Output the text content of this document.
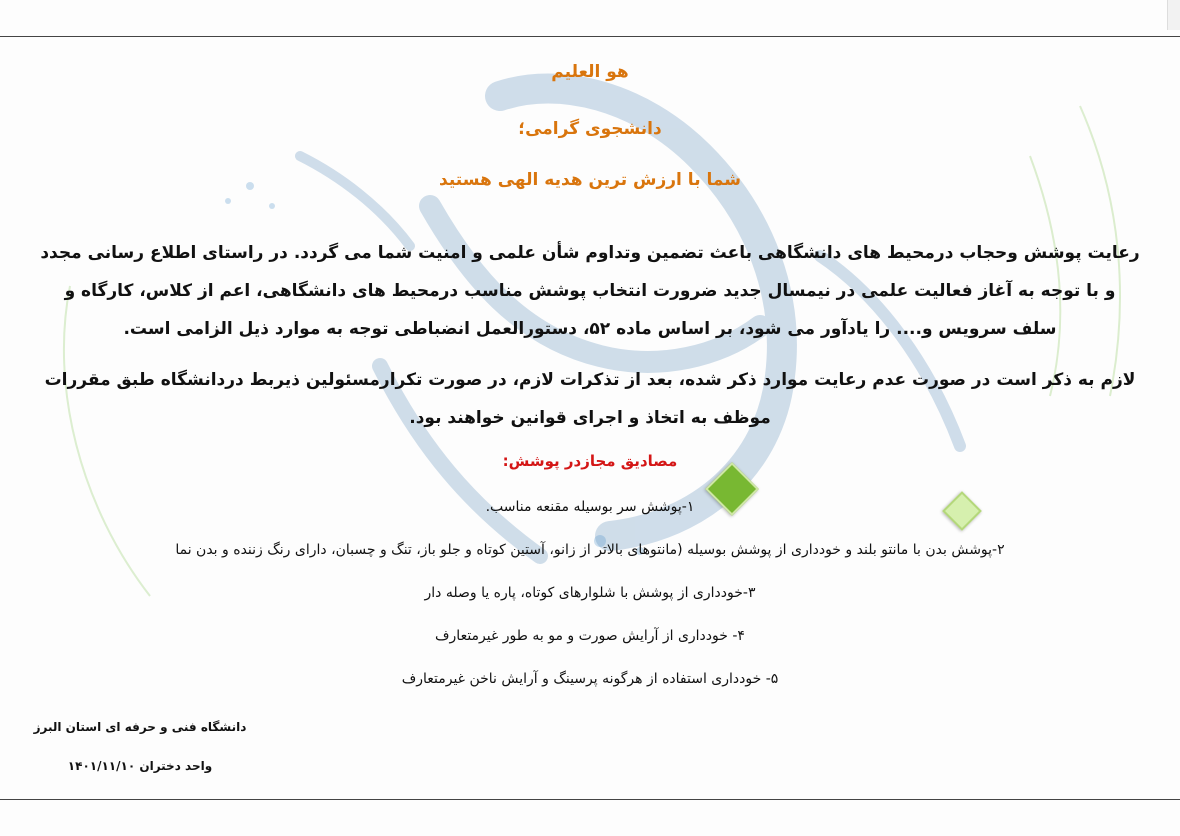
هو العلیم

دانشجوی گرامی؛

شما با ارزش ترین هدیه الهی هستید

رعایت پوشش وحجاب درمحیط های دانشگاهی باعث تضمین وتداوم شأن علمی و امنیت شما می گردد. در راستای اطلاع رسانی مجدد و با توجه به آغاز فعالیت علمی در نیمسال جدید ضرورت انتخاب پوشش مناسب درمحیط های دانشگاهی، اعم از کلاس، کارگاه و سلف سرویس و.... را یادآور می شود، بر اساس ماده ۵۲، دستورالعمل انضباطی توجه به موارد ذیل الزامی است.

لازم به ذکر است در صورت عدم رعایت موارد ذکر شده، بعد از تذکرات لازم، در صورت تکرارمسئولین ذیربط دردانشگاه طبق مقررات موظف به اتخاذ و اجرای قوانین خواهند بود.

مصادیق مجازدر پوشش:

۱-پوشش سر بوسیله مقنعه مناسب.
۲-پوشش بدن با مانتو بلند و خودداری از پوشش بوسیله (مانتوهای بالاتر از زانو، آستین کوتاه و جلو باز، تنگ و چسبان، دارای رنگ زننده و بدن نما
۳-خودداری از پوشش با شلوارهای کوتاه، پاره یا وصله دار
۴- خودداری از آرایش صورت و مو به طور غیرمتعارف
۵- خودداری استفاده از هرگونه پرسینگ و آرایش ناخن غیرمتعارف

دانشگاه فنی و حرفه ای استان البرز

واحد دختران ۱۴۰۱/۱۱/۱۰
